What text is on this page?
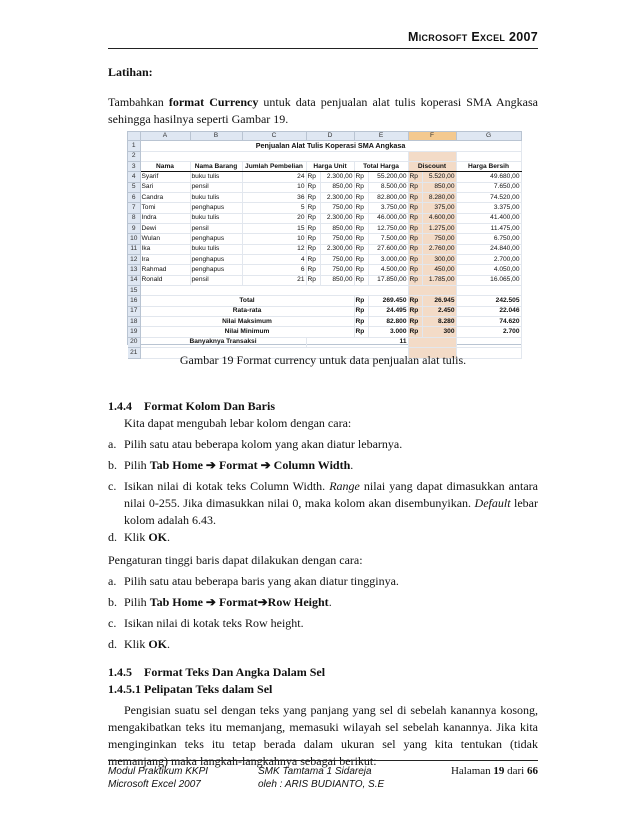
Microsoft Excel 2007
Latihan:
Tambahkan format Currency untuk data penjualan alat tulis koperasi SMA Angkasa sehingga hasilnya seperti Gambar 19.
	A	B	C	D		E		F		G
1	Penjualan Alat Tulis Koperasi SMA Angkasa									
2										
3	Nama	Nama Barang	Jumlah Pembelian	Harga Unit		Total Harga		Discount		Harga Bersih
4	Syarif	buku tulis	24	Rp	2.300,00	Rp	55.200,00	Rp	5.520,00	49.680,00
5	Sari	pensil	10	Rp	850,00	Rp	8.500,00	Rp	850,00	7.650,00
6	Candra	buku tulis	36	Rp	2.300,00	Rp	82.800,00	Rp	8.280,00	74.520,00
7	Tomi	penghapus	5	Rp	750,00	Rp	3.750,00	Rp	375,00	3.375,00
8	Indra	buku tulis	20	Rp	2.300,00	Rp	46.000,00	Rp	4.600,00	41.400,00
9	Dewi	pensil	15	Rp	850,00	Rp	12.750,00	Rp	1.275,00	11.475,00
10	Wulan	penghapus	10	Rp	750,00	Rp	7.500,00	Rp	750,00	6.750,00
11	Ika	buku tulis	12	Rp	2.300,00	Rp	27.600,00	Rp	2.760,00	24.840,00
12	Ira	penghapus	4	Rp	750,00	Rp	3.000,00	Rp	300,00	2.700,00
13	Rahmad	penghapus	6	Rp	750,00	Rp	4.500,00	Rp	450,00	4.050,00
14	Ronald	pensil	21	Rp	850,00	Rp	17.850,00	Rp	1.785,00	16.065,00
15										
16	Total					Rp	269.450	Rp	26.945	242.505
17	Rata-rata					Rp	24.495	Rp	2.450	22.046
18	Nilai Maksimum					Rp	82.800	Rp	8.280	74.620
19	Nilai Minimum					Rp	3.000	Rp	300	2.700
20	Banyaknya Transaksi			11						
21										
Gambar 19 Format currency untuk data penjualan alat tulis.
1.4.4 Format Kolom Dan Baris
Kita dapat mengubah lebar kolom dengan cara:
a. Pilih satu atau beberapa kolom yang akan diatur lebarnya.
b. Pilih Tab Home ➔ Format ➔ Column Width.
c. Isikan nilai di kotak teks Column Width. Range nilai yang dapat dimasukkan antara nilai 0-255. Jika dimasukkan nilai 0, maka kolom akan disembunyikan. Default lebar kolom adalah 6.43.
d. Klik OK.
Pengaturan tinggi baris dapat dilakukan dengan cara:
a. Pilih satu atau beberapa baris yang akan diatur tingginya.
b. Pilih Tab Home ➔ Format➔Row Height.
c. Isikan nilai di kotak teks Row height.
d. Klik OK.
1.4.5 Format Teks Dan Angka Dalam Sel
1.4.5.1 Pelipatan Teks dalam Sel
Pengisian suatu sel dengan teks yang panjang yang sel di sebelah kanannya kosong, mengakibatkan teks itu memanjang, memasuki wilayah sel sebelah kanannya. Jika kita menginginkan teks itu tetap berada dalam ukuran sel yang kita tentukan (tidak memanjang) maka langkah-langkahnya sebagai berikut:
Modul Praktikum KKPI
Microsoft Excel 2007
SMK Tamtama 1 Sidareja
oleh : ARIS BUDIANTO, S.E
Halaman 19 dari 66
